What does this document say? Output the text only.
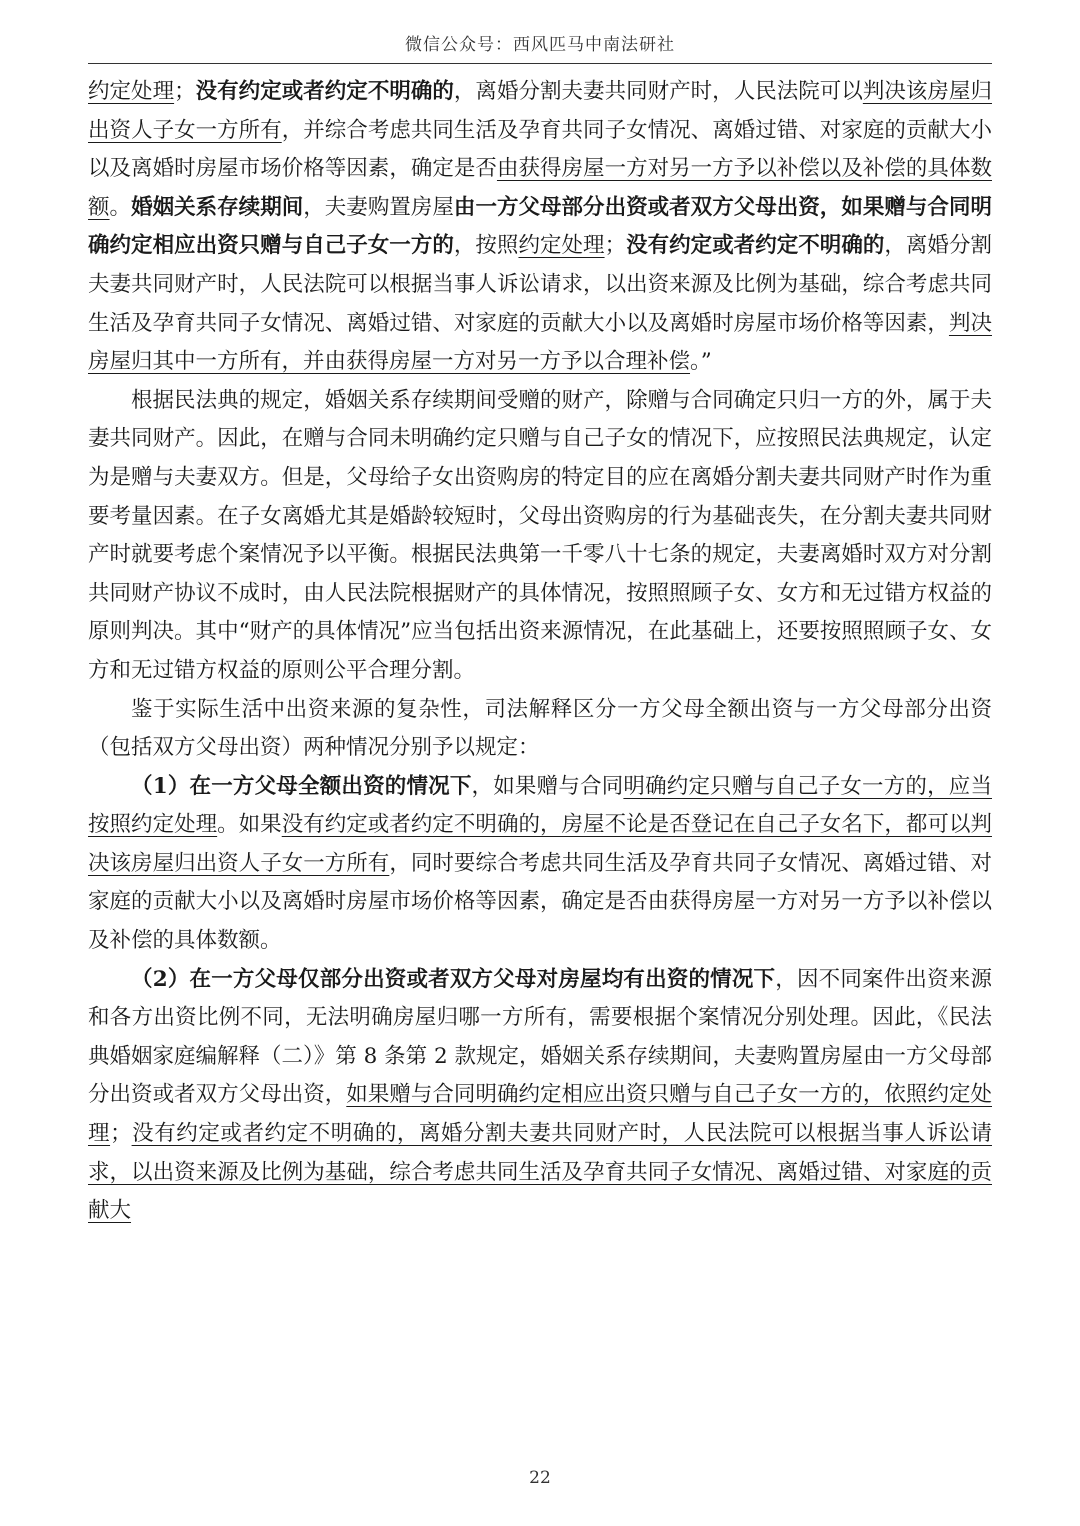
微信公众号：西风匹马中南法研社

约定处理；没有约定或者约定不明确的，离婚分割夫妻共同财产时，人民法院可以判决该房屋归出资人子女一方所有，并综合考虑共同生活及孕育共同子女情况、离婚过错、对家庭的贡献大小以及离婚时房屋市场价格等因素，确定是否由获得房屋一方对另一方予以补偿以及补偿的具体数额。婚姻关系存续期间，夫妻购置房屋由一方父母部分出资或者双方父母出资，如果赠与合同明确约定相应出资只赠与自己子女一方的，按照约定处理；没有约定或者约定不明确的，离婚分割夫妻共同财产时，人民法院可以根据当事人诉讼请求，以出资来源及比例为基础，综合考虑共同生活及孕育共同子女情况、离婚过错、对家庭的贡献大小以及离婚时房屋市场价格等因素，判决房屋归其中一方所有，并由获得房屋一方对另一方予以合理补偿。”

根据民法典的规定，婚姻关系存续期间受赠的财产，除赠与合同确定只归一方的外，属于夫妻共同财产。因此，在赠与合同未明确约定只赠与自己子女的情况下，应按照民法典规定，认定为是赠与夫妻双方。但是，父母给子女出资购房的特定目的应在离婚分割夫妻共同财产时作为重要考量因素。在子女离婚尤其是婚龄较短时，父母出资购房的行为基础丧失，在分割夫妻共同财产时就要考虑个案情况予以平衡。根据民法典第一千零八十七条的规定，夫妻离婚时双方对分割共同财产协议不成时，由人民法院根据财产的具体情况，按照照顾子女、女方和无过错方权益的原则判决。其中“财产的具体情况”应当包括出资来源情况，在此基础上，还要按照照顾子女、女方和无过错方权益的原则公平合理分割。

鉴于实际生活中出资来源的复杂性，司法解释区分一方父母全额出资与一方父母部分出资（包括双方父母出资）两种情况分别予以规定：

（1）在一方父母全额出资的情况下，如果赠与合同明确约定只赠与自己子女一方的，应当按照约定处理。如果没有约定或者约定不明确的，房屋不论是否登记在自己子女名下，都可以判决该房屋归出资人子女一方所有，同时要综合考虑共同生活及孕育共同子女情况、离婚过错、对家庭的贡献大小以及离婚时房屋市场价格等因素，确定是否由获得房屋一方对另一方予以补偿以及补偿的具体数额。

（2）在一方父母仅部分出资或者双方父母对房屋均有出资的情况下，因不同案件出资来源和各方出资比例不同，无法明确房屋归哪一方所有，需要根据个案情况分别处理。因此，《民法典婚姻家庭编解释（二）》第 8 条第 2 款规定，婚姻关系存续期间，夫妻购置房屋由一方父母部分出资或者双方父母出资，如果赠与合同明确约定相应出资只赠与自己子女一方的，依照约定处理；没有约定或者约定不明确的，离婚分割夫妻共同财产时，人民法院可以根据当事人诉讼请求，以出资来源及比例为基础，综合考虑共同生活及孕育共同子女情况、离婚过错、对家庭的贡献大

22
